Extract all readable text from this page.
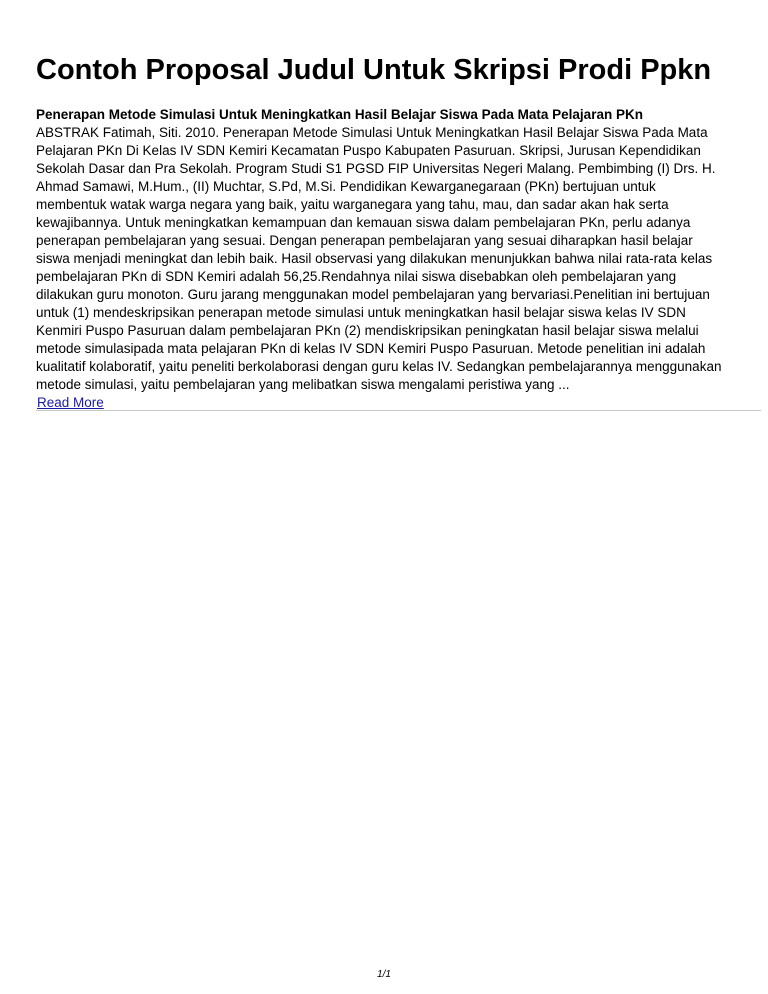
Contoh Proposal Judul Untuk Skripsi Prodi Ppkn
Penerapan Metode Simulasi Untuk Meningkatkan Hasil Belajar Siswa Pada Mata Pelajaran PKn

ABSTRAK Fatimah, Siti. 2010. Penerapan Metode Simulasi Untuk Meningkatkan Hasil Belajar Siswa Pada Mata Pelajaran PKn Di Kelas IV SDN Kemiri Kecamatan Puspo Kabupaten Pasuruan. Skripsi, Jurusan Kependidikan Sekolah Dasar dan Pra Sekolah. Program Studi S1 PGSD FIP Universitas Negeri Malang. Pembimbing (I) Drs. H. Ahmad Samawi, M.Hum., (II) Muchtar, S.Pd, M.Si. Pendidikan Kewarganegaraan (PKn) bertujuan untuk membentuk watak warga negara yang baik, yaitu warganegara yang tahu, mau, dan sadar akan hak serta kewajibannya. Untuk meningkatkan kemampuan dan kemauan siswa dalam pembelajaran PKn, perlu adanya penerapan pembelajaran yang sesuai. Dengan penerapan pembelajaran yang sesuai diharapkan hasil belajar siswa menjadi meningkat dan lebih baik. Hasil observasi yang dilakukan menunjukkan bahwa nilai rata-rata kelas pembelajaran PKn di SDN Kemiri adalah 56,25.Rendahnya nilai siswa disebabkan oleh pembelajaran yang dilakukan guru monoton. Guru jarang menggunakan model pembelajaran yang bervariasi.Penelitian ini bertujuan untuk (1) mendeskripsikan penerapan metode simulasi untuk meningkatkan hasil belajar siswa kelas IV SDN Kenmiri Puspo Pasuruan dalam pembelajaran PKn (2) mendiskripsikan peningkatan hasil belajar siswa melalui metode simulasipada mata pelajaran PKn di kelas IV SDN Kemiri Puspo Pasuruan. Metode penelitian ini adalah kualitatif kolaboratif, yaitu peneliti berkolaborasi dengan guru kelas IV. Sedangkan pembelajarannya menggunakan metode simulasi, yaitu pembelajaran yang melibatkan siswa mengalami peristiwa yang ...

Read More
1/1
